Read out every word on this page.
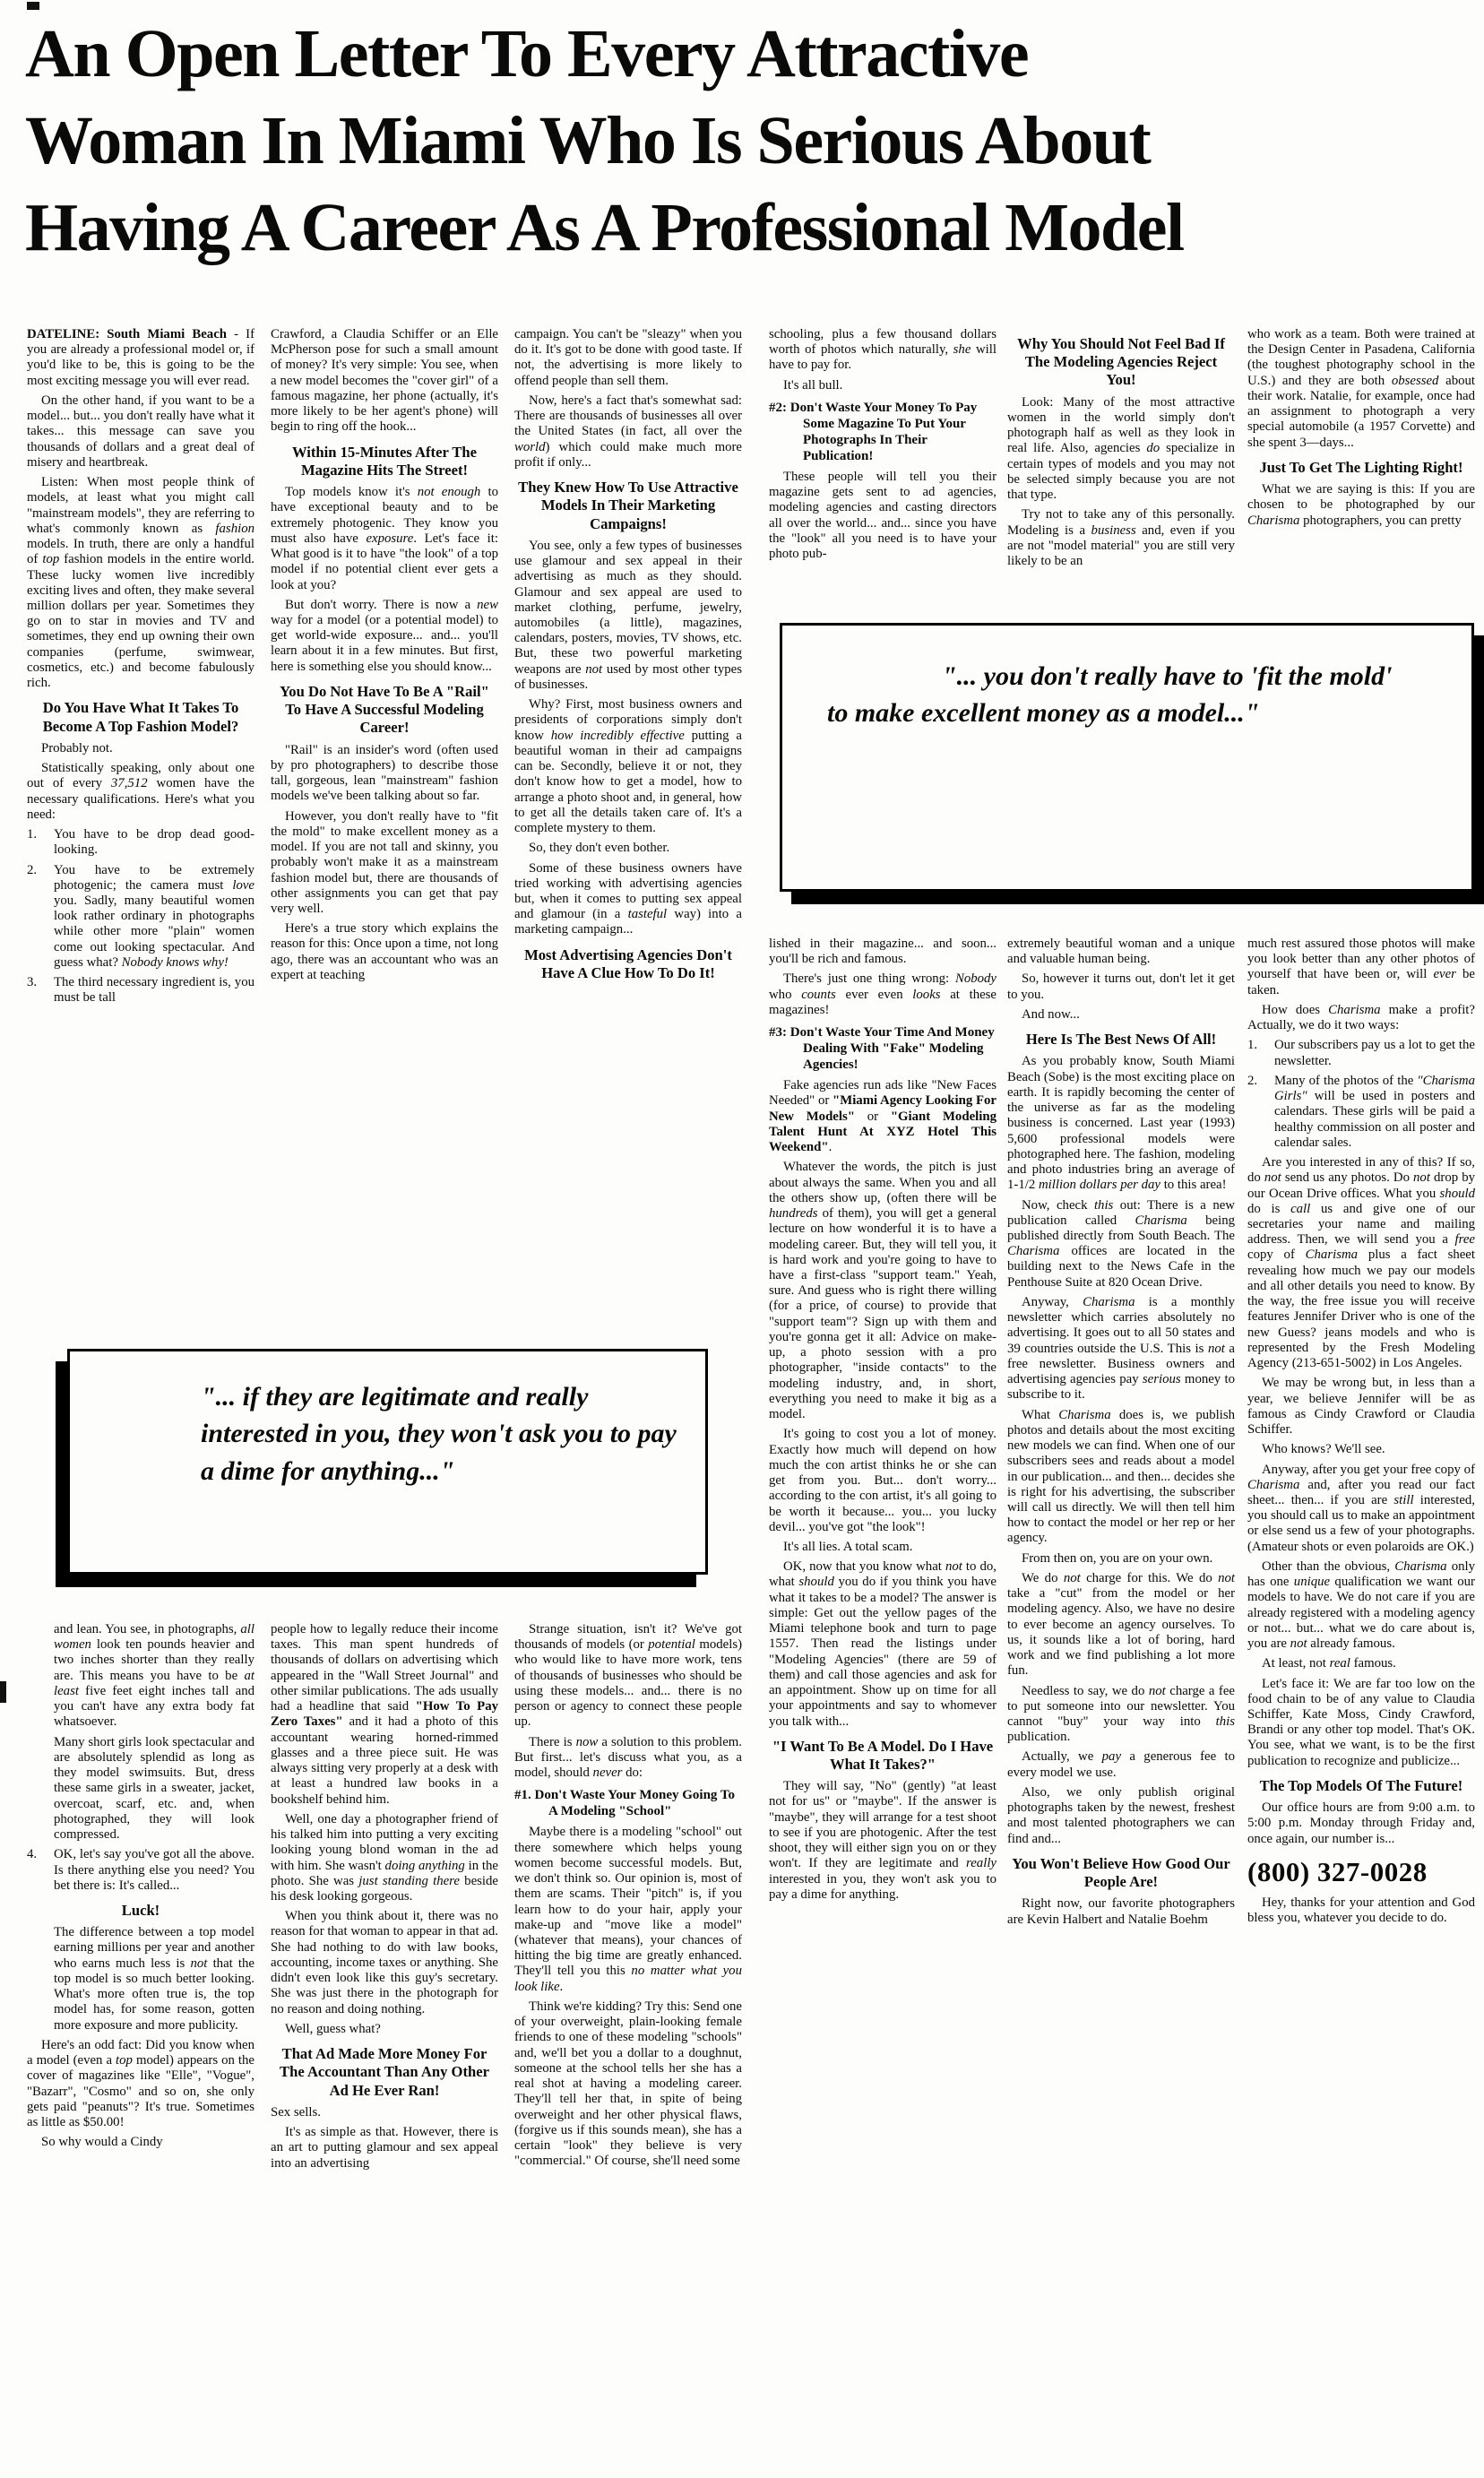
An Open Letter To Every Attractive
Woman In Miami Who Is Serious About
Having A Career As A Professional Model

DATELINE: South Miami Beach - If you are already a professional model or, if you'd like to be, this is going to be the most exciting message you will ever read.

On the other hand, if you want to be a model... but... you don't really have what it takes... this message can save you thousands of dollars and a great deal of misery and heartbreak.

Listen: When most people think of models, at least what you might call "mainstream models", they are referring to what's commonly known as fashion models. In truth, there are only a handful of top fashion models in the entire world. These lucky women live incredibly exciting lives and often, they make several million dollars per year. Sometimes they go on to star in movies and TV and sometimes, they end up owning their own companies (perfume, swimwear, cosmetics, etc.) and become fabulously rich.

Do You Have What It Takes To Become A Top Fashion Model?

Probably not.

Statistically speaking, only about one out of every 37,512 women have the necessary qualifications. Here's what you need:

1.	You have to be drop dead good-looking.
2.	You have to be extremely photogenic; the camera must love you. Sadly, many beautiful women look rather ordinary in photographs while other more "plain" women come out looking spectacular. And guess what? Nobody knows why!
3.	The third necessary ingredient is, you must be tall

and lean. You see, in photographs, all women look ten pounds heavier and two inches shorter than they really are. This means you have to be at least five feet eight inches tall and you can't have any extra body fat whatsoever.

Many short girls look spectacular and are absolutely splendid as long as they model swimsuits. But, dress these same girls in a sweater, jacket, overcoat, scarf, etc. and, when photographed, they will look compressed.

4.	OK, let's say you've got all the above. Is there anything else you need? You bet there is: It's called...
Luck!

The difference between a top model earning millions per year and another who earns much less is not that the top model is so much better looking. What's more often true is, the top model has, for some reason, gotten more exposure and more publicity.

Here's an odd fact: Did you know when a model (even a top model) appears on the cover of magazines like "Elle", "Vogue", "Bazarr", "Cosmo" and so on, she only gets paid "peanuts"? It's true. Sometimes as little as $50.00!

So why would a Cindy

Crawford, a Claudia Schiffer or an Elle McPherson pose for such a small amount of money? It's very simple: You see, when a new model becomes the "cover girl" of a famous magazine, her phone (actually, it's more likely to be her agent's phone) will begin to ring off the hook...

Within 15-Minutes After The Magazine Hits The Street!

Top models know it's not enough to have exceptional beauty and to be extremely photogenic. They know you must also have exposure. Let's face it: What good is it to have "the look" of a top model if no potential client ever gets a look at you?

But don't worry. There is now a new way for a model (or a potential model) to get world-wide exposure... and... you'll learn about it in a few minutes. But first, here is something else you should know...

You Do Not Have To Be A "Rail" To Have A Successful Modeling Career!

"Rail" is an insider's word (often used by pro photographers) to describe those tall, gorgeous, lean "mainstream" fashion models we've been talking about so far.

However, you don't really have to "fit the mold" to make excellent money as a model. If you are not tall and skinny, you probably won't make it as a mainstream fashion model but, there are thousands of other assignments you can get that pay very well.

Here's a true story which explains the reason for this: Once upon a time, not long ago, there was an accountant who was an expert at teaching

people how to legally reduce their income taxes. This man spent hundreds of thousands of dollars on advertising which appeared in the "Wall Street Journal" and other similar publications. The ads usually had a headline that said "How To Pay Zero Taxes" and it had a photo of this accountant wearing horned-rimmed glasses and a three piece suit. He was always sitting very properly at a desk with at least a hundred law books in a bookshelf behind him.

Well, one day a photographer friend of his talked him into putting a very exciting looking young blond woman in the ad with him. She wasn't doing anything in the photo. She was just standing there beside his desk looking gorgeous.

When you think about it, there was no reason for that woman to appear in that ad. She had nothing to do with law books, accounting, income taxes or anything. She didn't even look like this guy's secretary. She was just there in the photograph for no reason and doing nothing.

Well, guess what?

That Ad Made More Money For The Accountant Than Any Other Ad He Ever Ran!

Sex sells.

It's as simple as that. However, there is an art to putting glamour and sex appeal into an advertising

campaign. You can't be "sleazy" when you do it. It's got to be done with good taste. If not, the advertising is more likely to offend people than sell them.

Now, here's a fact that's somewhat sad: There are thousands of businesses all over the United States (in fact, all over the world) which could make much more profit if only...

They Knew How To Use Attractive Models In Their Marketing Campaigns!

You see, only a few types of businesses use glamour and sex appeal in their advertising as much as they should. Glamour and sex appeal are used to market clothing, perfume, jewelry, automobiles (a little), magazines, calendars, posters, movies, TV shows, etc. But, these two powerful marketing weapons are not used by most other types of businesses.

Why? First, most business owners and presidents of corporations simply don't know how incredibly effective putting a beautiful woman in their ad campaigns can be. Secondly, believe it or not, they don't know how to get a model, how to arrange a photo shoot and, in general, how to get all the details taken care of. It's a complete mystery to them.

So, they don't even bother.

Some of these business owners have tried working with advertising agencies but, when it comes to putting sex appeal and glamour (in a tasteful way) into a marketing campaign...

Most Advertising Agencies Don't Have A Clue How To Do It!

Strange situation, isn't it? We've got thousands of models (or potential models) who would like to have more work, tens of thousands of businesses who should be using these models... and... there is no person or agency to connect these people up.

There is now a solution to this problem. But first... let's discuss what you, as a model, should never do:

#1. Don't Waste Your Money Going To A Modeling "School"

Maybe there is a modeling "school" out there somewhere which helps young women become successful models. But, we don't think so. Our opinion is, most of them are scams. Their "pitch" is, if you learn how to do your hair, apply your make-up and "move like a model" (whatever that means), your chances of hitting the big time are greatly enhanced. They'll tell you this no matter what you look like.

Think we're kidding? Try this: Send one of your overweight, plain-looking female friends to one of these modeling "schools" and, we'll bet you a dollar to a doughnut, someone at the school tells her she has a real shot at having a modeling career. They'll tell her that, in spite of being overweight and her other physical flaws, (forgive us if this sounds mean), she has a certain "look" they believe is very "commercial." Of course, she'll need some

schooling, plus a few thousand dollars worth of photos which naturally, she will have to pay for.

It's all bull.

#2: Don't Waste Your Money To Pay Some Magazine To Put Your Photographs In Their Publication!

These people will tell you their magazine gets sent to ad agencies, modeling agencies and casting directors all over the world... and... since you have the "look" all you need is to have your photo pub-

lished in their magazine... and soon... you'll be rich and famous.

There's just one thing wrong: Nobody who counts ever even looks at these magazines!

#3: Don't Waste Your Time And Money Dealing With "Fake" Modeling Agencies!

Fake agencies run ads like "New Faces Needed" or "Miami Agency Looking For New Models" or "Giant Modeling Talent Hunt At XYZ Hotel This Weekend".

Whatever the words, the pitch is just about always the same. When you and all the others show up, (often there will be hundreds of them), you will get a general lecture on how wonderful it is to have a modeling career. But, they will tell you, it is hard work and you're going to have to have a first-class "support team." Yeah, sure. And guess who is right there willing (for a price, of course) to provide that "support team"? Sign up with them and you're gonna get it all: Advice on make-up, a photo session with a pro photographer, "inside contacts" to the modeling industry, and, in short, everything you need to make it big as a model.

It's going to cost you a lot of money. Exactly how much will depend on how much the con artist thinks he or she can get from you. But... don't worry... according to the con artist, it's all going to be worth it because... you... you lucky devil... you've got "the look"!

It's all lies. A total scam.

OK, now that you know what not to do, what should you do if you think you have what it takes to be a model? The answer is simple: Get out the yellow pages of the Miami telephone book and turn to page 1557. Then read the listings under "Modeling Agencies" (there are 59 of them) and call those agencies and ask for an appointment. Show up on time for all your appointments and say to whomever you talk with...

"I Want To Be A Model. Do I Have What It Takes?"

They will say, "No" (gently) "at least not for us" or "maybe". If the answer is "maybe", they will arrange for a test shoot to see if you are photogenic. After the test shoot, they will either sign you on or they won't. If they are legitimate and really interested in you, they won't ask you to pay a dime for anything.

Why You Should Not Feel Bad If The Modeling Agencies Reject You!

Look: Many of the most attractive women in the world simply don't photograph half as well as they look in real life. Also, agencies do specialize in certain types of models and you may not be selected simply because you are not that type.

Try not to take any of this personally. Modeling is a business and, even if you are not "model material" you are still very likely to be an

extremely beautiful woman and a unique and valuable human being.

So, however it turns out, don't let it get to you.

And now...

Here Is The Best News Of All!

As you probably know, South Miami Beach (Sobe) is the most exciting place on earth. It is rapidly becoming the center of the universe as far as the modeling business is concerned. Last year (1993) 5,600 professional models were photographed here. The fashion, modeling and photo industries bring an average of 1-1/2 million dollars per day to this area!

Now, check this out: There is a new publication called Charisma being published directly from South Beach. The Charisma offices are located in the building next to the News Cafe in the Penthouse Suite at 820 Ocean Drive.

Anyway, Charisma is a monthly newsletter which carries absolutely no advertising. It goes out to all 50 states and 39 countries outside the U.S. This is not a free newsletter. Business owners and advertising agencies pay serious money to subscribe to it.

What Charisma does is, we publish photos and details about the most exciting new models we can find. When one of our subscribers sees and reads about a model in our publication... and then... decides she is right for his advertising, the subscriber will call us directly. We will then tell him how to contact the model or her rep or her agency.

From then on, you are on your own.

We do not charge for this. We do not take a "cut" from the model or her modeling agency. Also, we have no desire to ever become an agency ourselves. To us, it sounds like a lot of boring, hard work and we find publishing a lot more fun.

Needless to say, we do not charge a fee to put someone into our newsletter. You cannot "buy" your way into this publication.

Actually, we pay a generous fee to every model we use.

Also, we only publish original photographs taken by the newest, freshest and most talented photographers we can find and...

You Won't Believe How Good Our People Are!

Right now, our favorite photographers are Kevin Halbert and Natalie Boehm

who work as a team. Both were trained at the Design Center in Pasadena, California (the toughest photography school in the U.S.) and they are both obsessed about their work. Natalie, for example, once had an assignment to photograph a very special automobile (a 1957 Corvette) and she spent 3—days...

Just To Get The Lighting Right!

What we are saying is this: If you are chosen to be photographed by our Charisma photographers, you can pretty

much rest assured those photos will make you look better than any other photos of yourself that have been or, will ever be taken.

How does Charisma make a profit? Actually, we do it two ways:

1.	Our subscribers pay us a lot to get the newsletter.
2.	Many of the photos of the "Charisma Girls" will be used in posters and calendars. These girls will be paid a healthy commission on all poster and calendar sales.

Are you interested in any of this? If so, do not send us any photos. Do not drop by our Ocean Drive offices. What you should do is call us and give one of our secretaries your name and mailing address. Then, we will send you a free copy of Charisma plus a fact sheet revealing how much we pay our models and all other details you need to know. By the way, the free issue you will receive features Jennifer Driver who is one of the new Guess? jeans models and who is represented by the Fresh Modeling Agency (213-651-5002) in Los Angeles.

We may be wrong but, in less than a year, we believe Jennifer will be as famous as Cindy Crawford or Claudia Schiffer.

Who knows? We'll see.

Anyway, after you get your free copy of Charisma and, after you read our fact sheet... then... if you are still interested, you should call us to make an appointment or else send us a few of your photographs. (Amateur shots or even polaroids are OK.)

Other than the obvious, Charisma only has one unique qualification we want our models to have. We do not care if you are already registered with a modeling agency or not... but... what we do care about is, you are not already famous.

At least, not real famous.

Let's face it: We are far too low on the food chain to be of any value to Claudia Schiffer, Kate Moss, Cindy Crawford, Brandi or any other top model. That's OK. You see, what we want, is to be the first publication to recognize and publicize...

The Top Models Of The Future!

Our office hours are from 9:00 a.m. to 5:00 p.m. Monday through Friday and, once again, our number is...

(800) 327-0028

Hey, thanks for your attention and God bless you, whatever you decide to do.

"... you don't really have to 'fit the mold' to make excellent money as a model..."
"... if they are legitimate and really interested in you, they won't ask you to pay a dime for anything..."
